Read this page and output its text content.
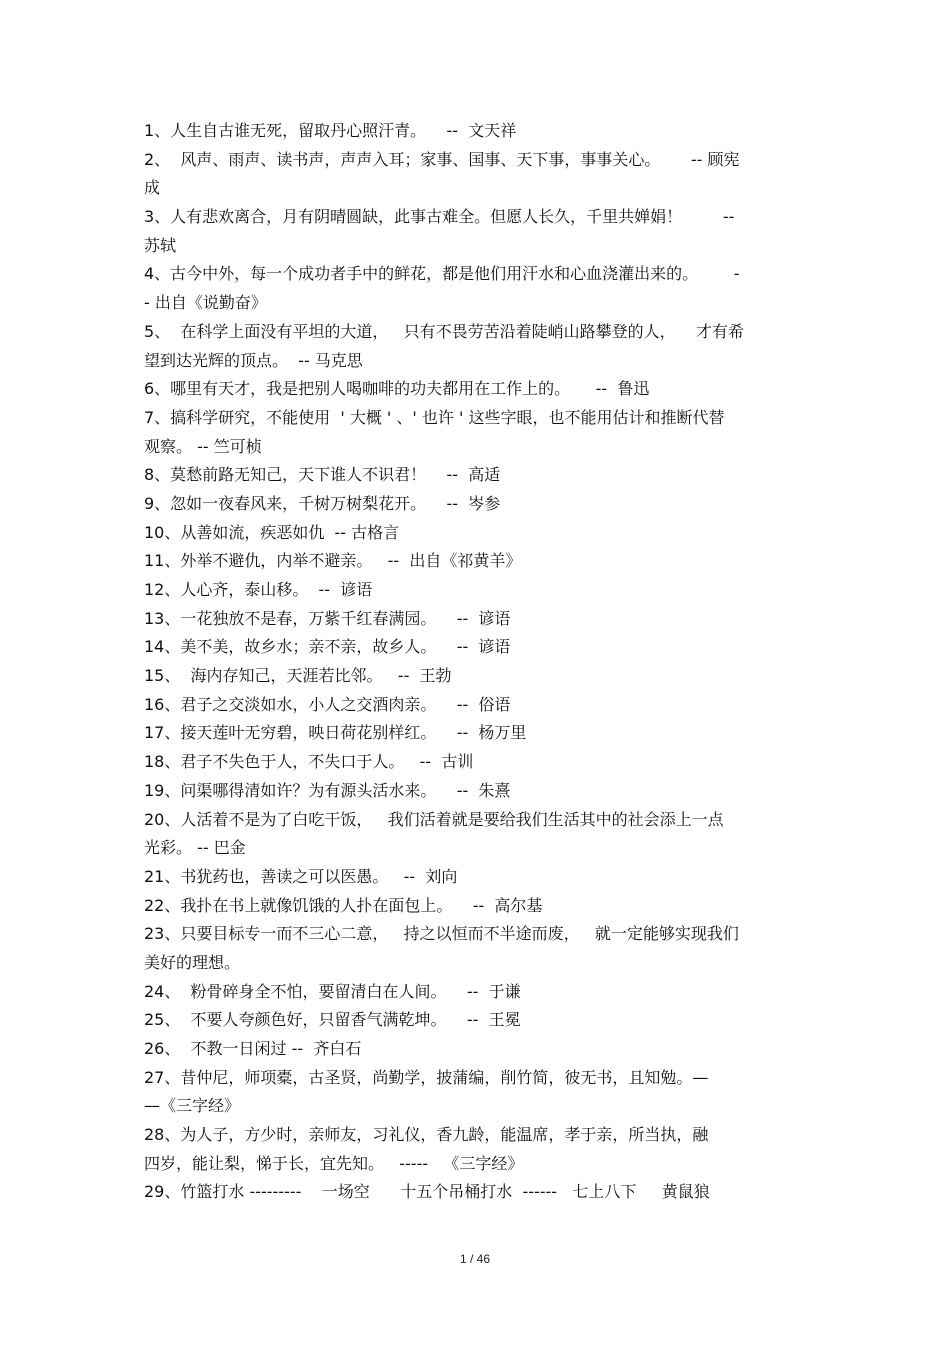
1、人生自古谁无死，留取丹心照汗青。    --  文天祥
2、  风声、雨声、读书声，声声入耳；家事、国事、天下事，事事关心。      -- 顾宪
成
3、人有悲欢离合，月有阴晴圆缺，此事古难全。但愿人长久，千里共婵娟！        --
苏轼
4、古今中外，每一个成功者手中的鲜花，都是他们用汗水和心血浇灌出来的。       -
- 出自《说勤奋》
5、  在科学上面没有平坦的大道，   只有不畏劳苦沿着陡峭山路攀登的人，    才有希
望到达光辉的顶点。  -- 马克思
6、哪里有天才，我是把别人喝咖啡的功夫都用在工作上的。     --  鲁迅
7、搞科学研究，不能使用  ' 大概 ' 、' 也许 ' 这些字眼，也不能用估计和推断代替
观察。 -- 竺可桢
8、莫愁前路无知己，天下谁人不识君！    --  高适
9、忽如一夜春风来，千树万树梨花开。    --  岑参
10、从善如流，疾恶如仇  -- 古格言
11、外举不避仇，内举不避亲。   --  出自《祁黄羊》
12、人心齐，泰山移。  --  谚语
13、一花独放不是春，万紫千红春满园。    --  谚语
14、美不美，故乡水；亲不亲，故乡人。    --  谚语
15、  海内存知己，天涯若比邻。   --  王勃
16、君子之交淡如水，小人之交酒肉亲。    --  俗语
17、接天莲叶无穷碧，映日荷花别样红。    --  杨万里
18、君子不失色于人，不失口于人。   --  古训
19、问渠哪得清如许？为有源头活水来。    --  朱熹
20、人活着不是为了白吃干饭，   我们活着就是要给我们生活其中的社会添上一点
光彩。 -- 巴金
21、书犹药也，善读之可以医愚。   --  刘向
22、我扑在书上就像饥饿的人扑在面包上。    --  高尔基
23、只要目标专一而不三心二意，   持之以恒而不半途而废，   就一定能够实现我们
美好的理想。
24、  粉骨碎身全不怕，要留清白在人间。    --  于谦
25、  不要人夸颜色好，只留香气满乾坤。    --  王冕
26、  不教一日闲过 --  齐白石
27、昔仲尼，师项橐，古圣贤，尚勤学，披蒲编，削竹简，彼无书，且知勉。—
—《三字经》
28、为人子，方少时，亲师友，习礼仪，香九龄，能温席，孝于亲，所当执，融
四岁，能让梨，悌于长，宜先知。   -----   《三字经》
29、竹篮打水 ---------    一场空      十五个吊桶打水  ------   七上八下     黄鼠狼
1 / 46
